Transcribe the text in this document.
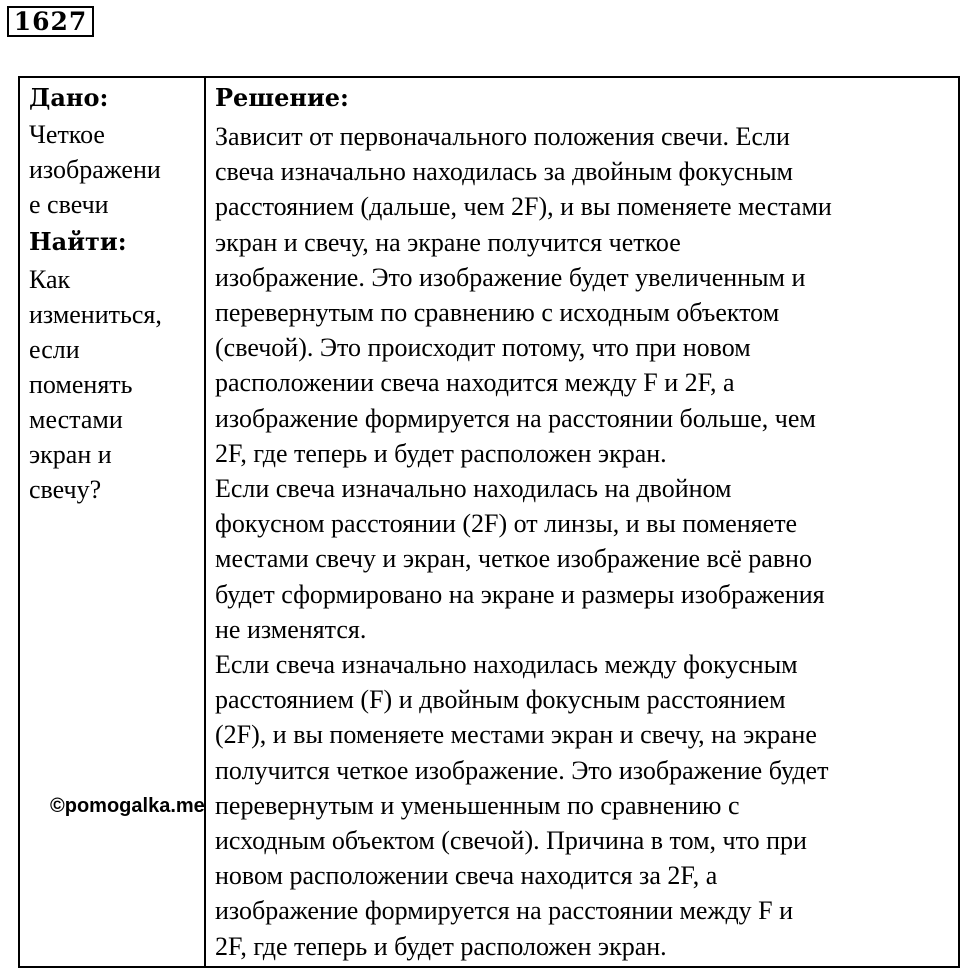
1627

Дано:

Четкое
изображени
е свечи

Найти:

Как
измениться,
если
поменять
местами
экран и
свечу?

Решение:

Зависит от первоначального положения свечи. Если
свеча изначально находилась за двойным фокусным
расстоянием (дальше, чем 2F), и вы поменяете местами
экран и свечу, на экране получится четкое
изображение. Это изображение будет увеличенным и
перевернутым по сравнению с исходным объектом
(свечой). Это происходит потому, что при новом
расположении свеча находится между F и 2F, а
изображение формируется на расстоянии больше, чем
2F, где теперь и будет расположен экран.
Если свеча изначально находилась на двойном
фокусном расстоянии (2F) от линзы, и вы поменяете
местами свечу и экран, четкое изображение всё равно
будет сформировано на экране и размеры изображения
не изменятся.
Если свеча изначально находилась между фокусным
расстоянием (F) и двойным фокусным расстоянием
(2F), и вы поменяете местами экран и свечу, на экране
получится четкое изображение. Это изображение будет
перевернутым и уменьшенным по сравнению с
исходным объектом (свечой). Причина в том, что при
новом расположении свеча находится за 2F, а
изображение формируется на расстоянии между F и
2F, где теперь и будет расположен экран.

©pomogalka.me
